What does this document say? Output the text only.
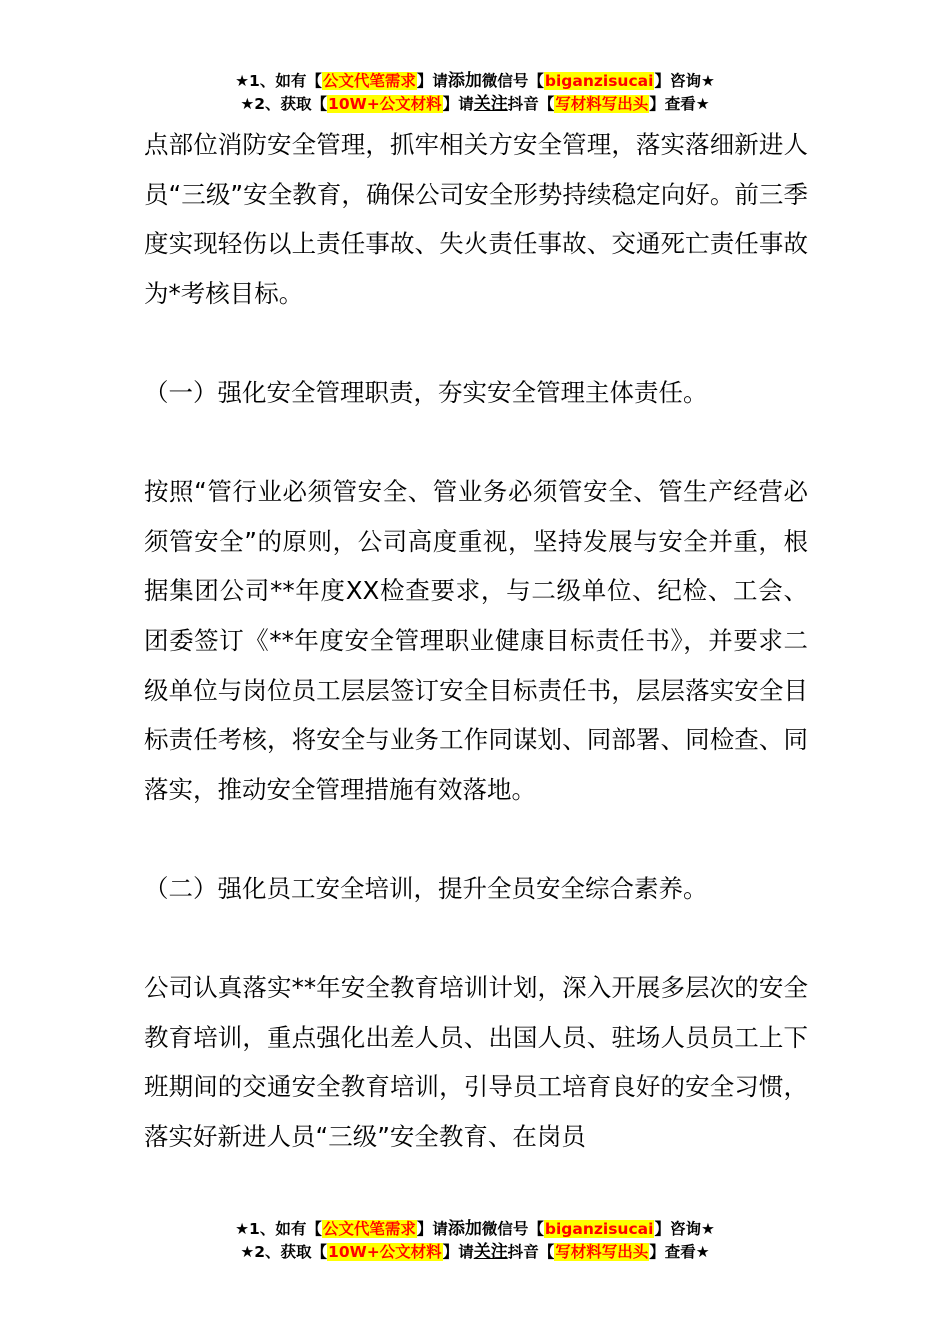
★1、如有【公文代笔需求】请添加微信号【biganzisucai】咨询★
★2、获取【10W+公文材料】请关注抖音【写材料写出头】查看★

点部位消防安全管理，抓牢相关方安全管理，落实落细新进人员“三级”安全教育，确保公司安全形势持续稳定向好。前三季度实现轻伤以上责任事故、失火责任事故、交通死亡责任事故为*考核目标。

（一）强化安全管理职责，夯实安全管理主体责任。

按照“管行业必须管安全、管业务必须管安全、管生产经营必须管安全”的原则，公司高度重视，坚持发展与安全并重，根据集团公司**年度XX检查要求，与二级单位、纪检、工会、团委签订《**年度安全管理职业健康目标责任书》，并要求二级单位与岗位员工层层签订安全目标责任书，层层落实安全目标责任考核，将安全与业务工作同谋划、同部署、同检查、同落实，推动安全管理措施有效落地。

（二）强化员工安全培训，提升全员安全综合素养。

公司认真落实**年安全教育培训计划，深入开展多层次的安全教育培训，重点强化出差人员、出国人员、驻场人员员工上下班期间的交通安全教育培训，引导员工培育良好的安全习惯，落实好新进人员“三级”安全教育、在岗员

★1、如有【公文代笔需求】请添加微信号【biganzisucai】咨询★
★2、获取【10W+公文材料】请关注抖音【写材料写出头】查看★
